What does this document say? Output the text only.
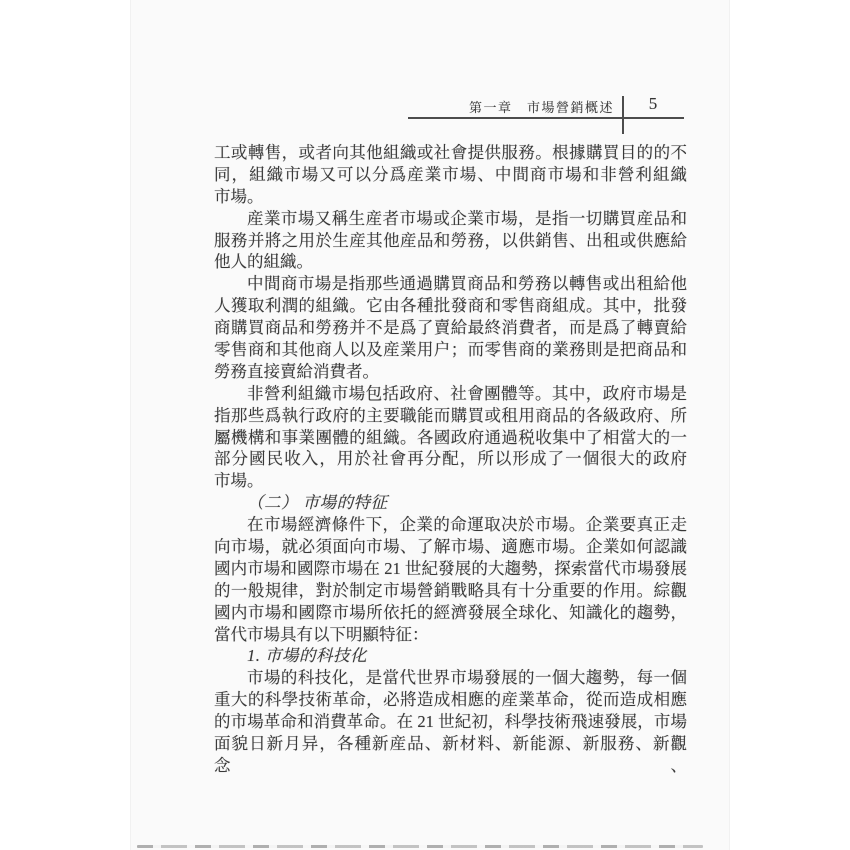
第一章　市場營銷概述	5
工或轉售，或者向其他組織或社會提供服務。根據購買目的的不
同，組織市場又可以分爲産業市場、中間商市場和非營利組織
市場。
産業市場又稱生産者市場或企業市場，是指一切購買産品和
服務并將之用於生産其他産品和勞務，以供銷售、出租或供應給
他人的組織。
中間商市場是指那些通過購買商品和勞務以轉售或出租給他
人獲取利潤的組織。它由各種批發商和零售商組成。其中，批發
商購買商品和勞務并不是爲了賣給最終消費者，而是爲了轉賣給
零售商和其他商人以及産業用户；而零售商的業務則是把商品和
勞務直接賣給消費者。
非營利組織市場包括政府、社會團體等。其中，政府市場是
指那些爲執行政府的主要職能而購買或租用商品的各級政府、所
屬機構和事業團體的組織。各國政府通過税收集中了相當大的一
部分國民收入，用於社會再分配，所以形成了一個很大的政府
市場。
（二） 市場的特征
在市場經濟條件下，企業的命運取决於市場。企業要真正走
向市場，就必須面向市場、了解市場、適應市場。企業如何認識
國内市場和國際市場在 21 世紀發展的大趨勢，探索當代市場發展
的一般規律，對於制定市場營銷戰略具有十分重要的作用。綜觀
國内市場和國際市場所依托的經濟發展全球化、知識化的趨勢，
當代市場具有以下明顯特征：
1. 市場的科技化
市場的科技化，是當代世界市場發展的一個大趨勢，每一個
重大的科學技術革命，必將造成相應的産業革命，從而造成相應
的市場革命和消費革命。在 21 世紀初，科學技術飛速發展，市場
面貌日新月异，各種新産品、新材料、新能源、新服務、新觀念、
